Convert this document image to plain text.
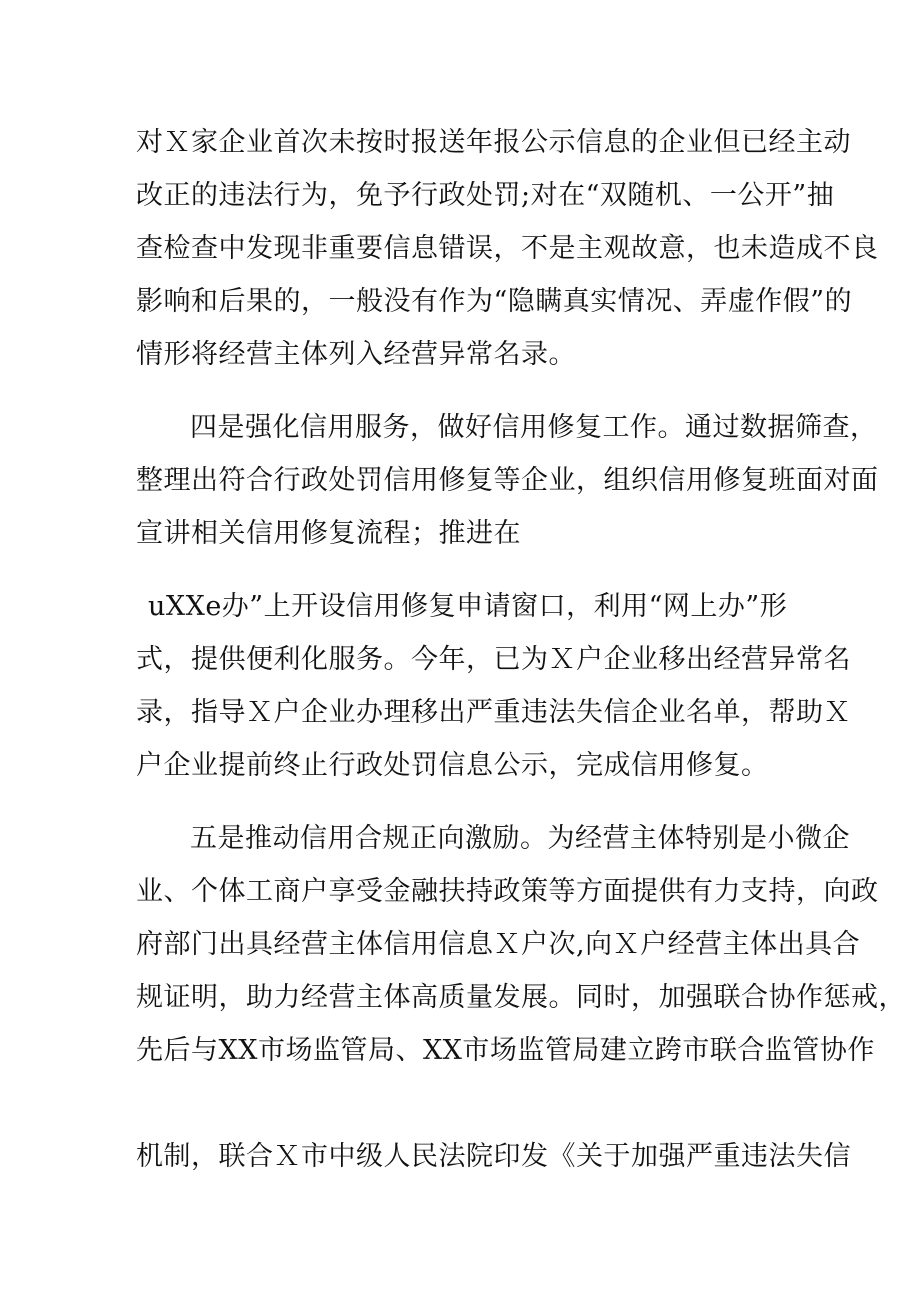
对Ｘ家企业首次未按时报送年报公示信息的企业但已经主动
改正的违法行为，免予行政处罚;对在“双随机、一公开”抽
查检查中发现非重要信息错误，不是主观故意，也未造成不良
影响和后果的，一般没有作为“隐瞒真实情况、弄虚作假”的
情形将经营主体列入经营异常名录。
四是强化信用服务，做好信用修复工作。通过数据筛查，
整理出符合行政处罚信用修复等企业，组织信用修复班面对面
宣讲相关信用修复流程；推进在
uXXe办”上开设信用修复申请窗口，利用“网上办”形
式，提供便利化服务。今年，已为Ｘ户企业移出经营异常名
录，指导Ｘ户企业办理移出严重违法失信企业名单，帮助Ｘ
户企业提前终止行政处罚信息公示，完成信用修复。
五是推动信用合规正向激励。为经营主体特别是小微企
业、个体工商户享受金融扶持政策等方面提供有力支持，向政
府部门出具经营主体信用信息Ｘ户次,向Ｘ户经营主体出具合
规证明，助力经营主体高质量发展。同时，加强联合协作惩戒，
先后与XX市场监管局、XX市场监管局建立跨市联合监管协作
机制，联合Ｘ市中级人民法院印发《关于加强严重违法失信
